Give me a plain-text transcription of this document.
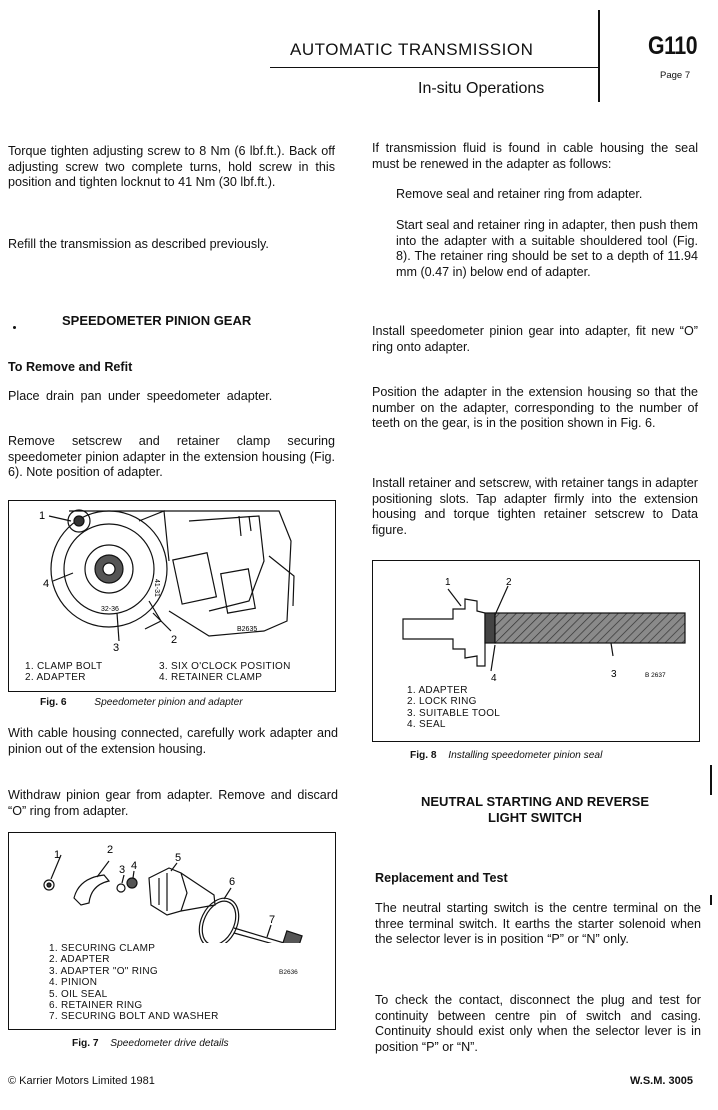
AUTOMATIC TRANSMISSION
In-situ Operations
G110
Page 7
Torque tighten adjusting screw to 8 Nm (6 lbf.ft.). Back off adjusting screw two complete turns, hold screw in this position and tighten locknut to 41 Nm (30 lbf.ft.).
Refill the transmission as described previously.
SPEEDOMETER PINION GEAR
To Remove and Refit
Place drain pan under speedometer adapter.
Remove setscrew and retainer clamp securing speedometer pinion adapter in the extension housing (Fig. 6). Note position of adapter.
41-31
32-36
B2635
1
2
3
4
1. CLAMP BOLT
2. ADAPTER
3. SIX O'CLOCK POSITION
4. RETAINER CLAMP
Fig. 6	Speedometer pinion and adapter
With cable housing connected, carefully work adapter and pinion out of the extension housing.
Withdraw pinion gear from adapter. Remove and discard “O” ring from adapter.
1	2
3 4
5
6
7
1. SECURING CLAMP
2. ADAPTER
3. ADAPTER "O" RING
4. PINION
5. OIL SEAL
6. RETAINER RING
7. SECURING BOLT AND WASHER
B2636
Fig. 7 Speedometer drive details
If transmission fluid is found in cable housing the seal must be renewed in the adapter as follows:
Remove seal and retainer ring from adapter.
Start seal and retainer ring in adapter, then push them into the adapter with a suitable shouldered tool (Fig. 8). The retainer ring should be set to a depth of 11.94 mm (0.47 in) below end of adapter.
Install speedometer pinion gear into adapter, fit new “O” ring onto adapter.
Position the adapter in the extension housing so that the number on the adapter, corresponding to the number of teeth on the gear, is in the position shown in Fig. 6.
Install retainer and setscrew, with retainer tangs in adapter positioning slots. Tap adapter firmly into the extension housing and torque tighten retainer setscrew to Data figure.
1	2
4	3	B 2637
1. ADAPTER
2. LOCK RING
3. SUITABLE TOOL
4. SEAL
Fig. 8 Installing speedometer pinion seal
NEUTRAL STARTING AND REVERSE
LIGHT SWITCH
Replacement and Test
The neutral starting switch is the centre terminal on the three terminal switch. It earths the starter solenoid when the selector lever is in position “P” or “N” only.
To check the contact, disconnect the plug and test for continuity between centre pin of switch and casing. Continuity should exist only when the selector lever is in position “P” or “N”.
© Karrier Motors Limited 1981	W.S.M. 3005
